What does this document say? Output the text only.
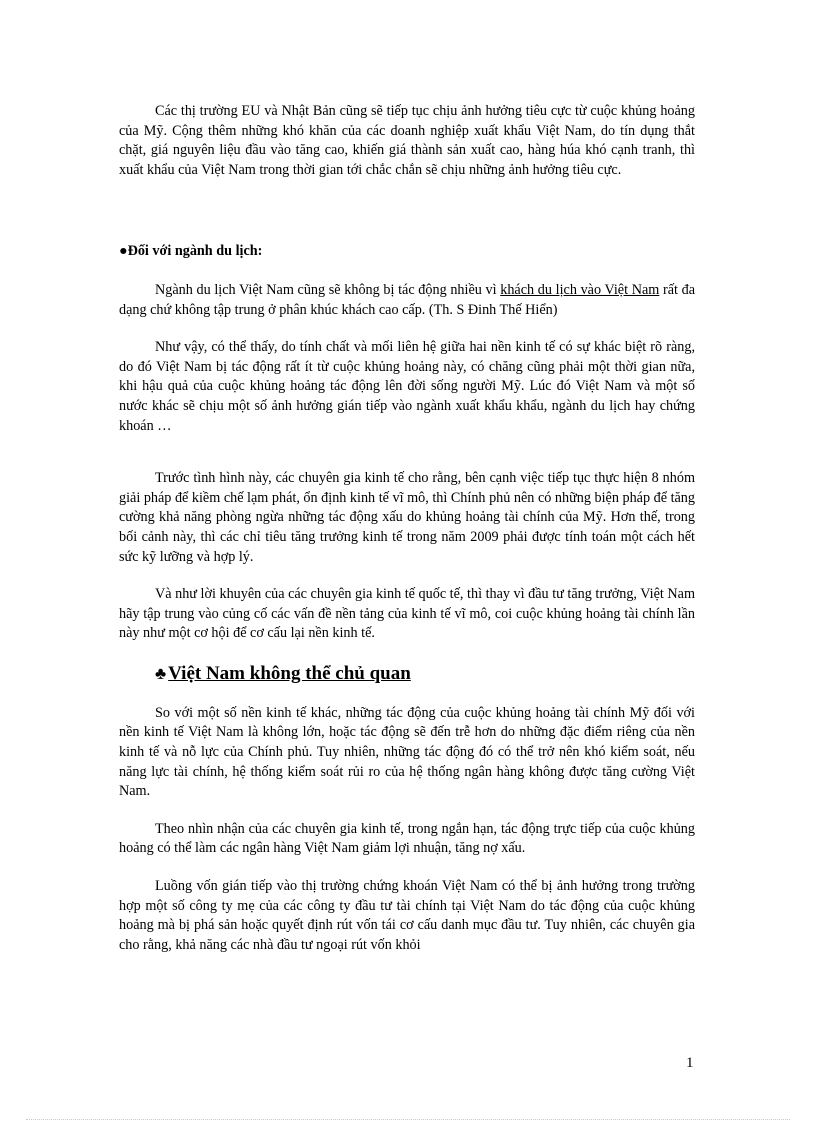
Các thị trường EU và Nhật Bản cũng sẽ tiếp tục chịu ảnh hưởng tiêu cực từ cuộc khủng hoảng của Mỹ. Cộng thêm những khó khăn của các doanh nghiệp xuất khẩu Việt Nam, do tín dụng thắt chặt, giá nguyên liệu đầu vào tăng cao, khiến giá thành sản xuất cao, hàng húa khó cạnh tranh, thì xuất khẩu của Việt Nam trong thời gian tới chắc chắn sẽ chịu những ảnh hưởng tiêu cực.

●Đối với ngành du lịch:

Ngành du lịch Việt Nam cũng sẽ không bị tác động nhiều vì khách du lịch vào Việt Nam rất đa dạng chứ không tập trung ở phân khúc khách cao cấp. (Th. S Đinh Thế Hiển)

Như vậy, có thể thấy, do tính chất và mối liên hệ giữa hai nền kinh tế có sự khác biệt rõ ràng, do đó Việt Nam bị tác động rất ít từ cuộc khủng hoảng này, có chăng cũng phải một thời gian nữa, khi hậu quả của cuộc khủng hoảng tác động lên đời sống người Mỹ. Lúc đó Việt Nam và một số nước khác sẽ chịu một số ảnh hưởng gián tiếp vào ngành xuất khẩu khẩu, ngành du lịch hay chứng khoán …

Trước tình hình này, các chuyên gia kinh tế cho rằng, bên cạnh việc tiếp tục thực hiện 8 nhóm giải pháp để kiềm chế lạm phát, ổn định kinh tế vĩ mô, thì Chính phủ nên có những biện pháp để tăng cường khả năng phòng ngừa những tác động xấu do khủng hoảng tài chính của Mỹ. Hơn thế, trong bối cảnh này, thì các chỉ tiêu tăng trưởng kinh tế trong năm 2009 phải được tính toán một cách hết sức kỹ lưỡng và hợp lý.

Và như lời khuyên của các chuyên gia kinh tế quốc tế, thì thay vì đầu tư tăng trưởng, Việt Nam hãy tập trung vào củng cố các vấn đề nền tảng của kinh tế vĩ mô, coi cuộc khủng hoảng tài chính lần này như một cơ hội để cơ cấu lại nền kinh tế.

♣ Việt Nam không thể chủ quan

So với một số nền kinh tế khác, những tác động của cuộc khủng hoảng tài chính Mỹ đối với nền kinh tế Việt Nam là không lớn, hoặc tác động sẽ đến trễ hơn do những đặc điểm riêng của nền kinh tế và nỗ lực của Chính phủ. Tuy nhiên, những tác động đó có thể trở nên khó kiểm soát, nếu năng lực tài chính, hệ thống kiểm soát rủi ro của hệ thống ngân hàng không được tăng cường Việt Nam.

Theo nhìn nhận của các chuyên gia kinh tế, trong ngắn hạn, tác động trực tiếp của cuộc khủng hoảng có thể làm các ngân hàng Việt Nam giảm lợi nhuận, tăng nợ xấu.

Luồng vốn gián tiếp vào thị trường chứng khoán Việt Nam có thể bị ảnh hưởng trong trường hợp một số công ty mẹ của các công ty đầu tư tài chính tại Việt Nam do tác động của cuộc khủng hoảng mà bị phá sản hoặc quyết định rút vốn tái cơ cấu danh mục đầu tư. Tuy nhiên, các chuyên gia cho rằng, khả năng các nhà đầu tư ngoại rút vốn khỏi

1
